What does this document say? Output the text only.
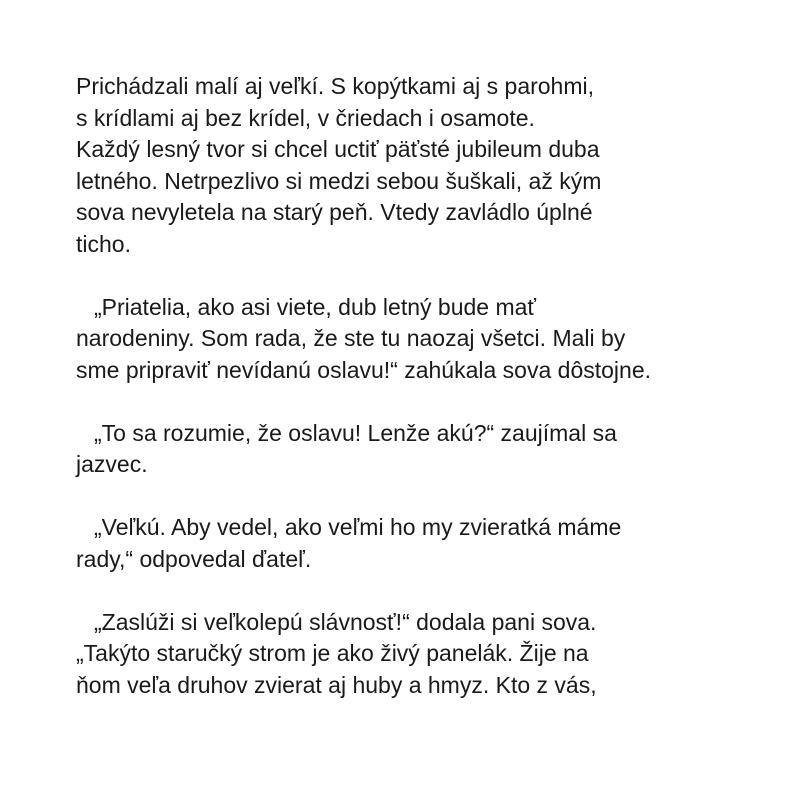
Prichádzali malí aj veľkí. S kopýtkami aj s parohmi,
s krídlami aj bez krídel, v čriedach i osamote.
Každý lesný tvor si chcel uctiť päťsté jubileum duba
letného. Netrpezlivo si medzi sebou šuškali, až kým
sova nevyletela na starý peň. Vtedy zavládlo úplné
ticho.
„Priatelia, ako asi viete, dub letný bude mať
narodeniny. Som rada, že ste tu naozaj všetci. Mali by
sme pripraviť nevídanú oslavu!“ zahúkala sova dôstojne.
„To sa rozumie, že oslavu! Lenže akú?“ zaujímal sa
jazvec.
„Veľkú. Aby vedel, ako veľmi ho my zvieratká máme
rady,“ odpovedal ďateľ.
„Zaslúži si veľkolepú slávnosť!“ dodala pani sova.
„Takýto staručký strom je ako živý panelák. Žije na
ňom veľa druhov zvierat aj huby a hmyz. Kto z vás,
